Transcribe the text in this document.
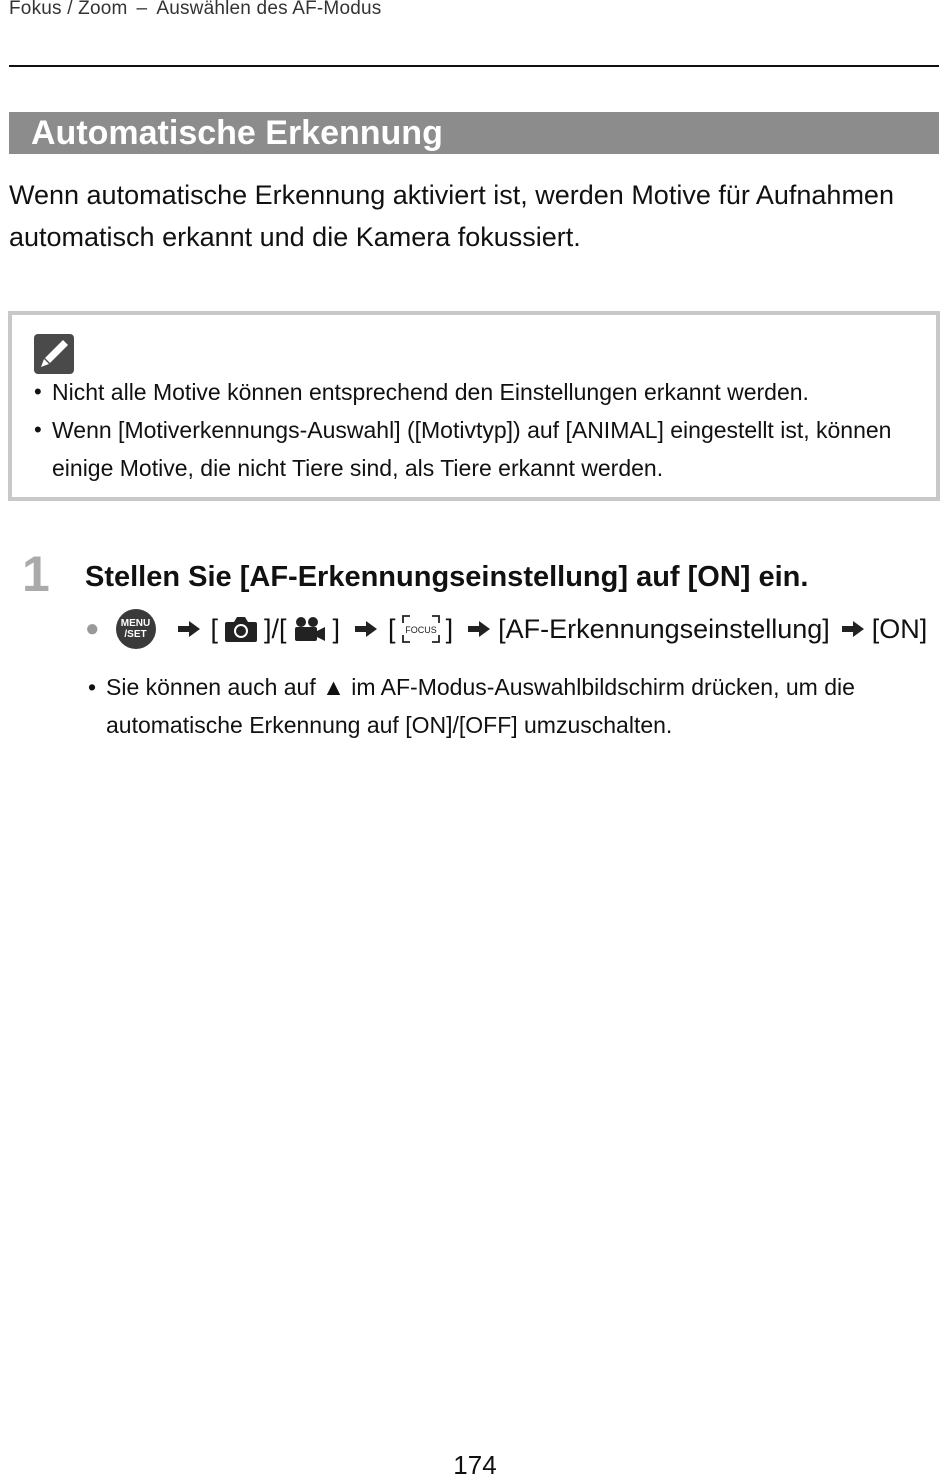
Fokus / Zoom – Auswählen des AF-Modus
Automatische Erkennung

Wenn automatische Erkennung aktiviert ist, werden Motive für Aufnahmen automatisch erkannt und die Kamera fokussiert.

• Nicht alle Motive können entsprechend den Einstellungen erkannt werden.
• Wenn [Motiverkennungs-Auswahl] ([Motivtyp]) auf [ANIMAL] eingestellt ist, können einige Motive, die nicht Tiere sind, als Tiere erkannt werden.
1 Stellen Sie [AF-Erkennungseinstellung] auf [ON] ein.
●	MENU
/SET	[ ]/[ ] [ FOCUS ] [AF-Erkennungseinstellung] [ON]
• Sie können auch auf ▲ im AF-Modus-Auswahlbildschirm drücken, um die automatische Erkennung auf [ON]/[OFF] umzuschalten.
174
